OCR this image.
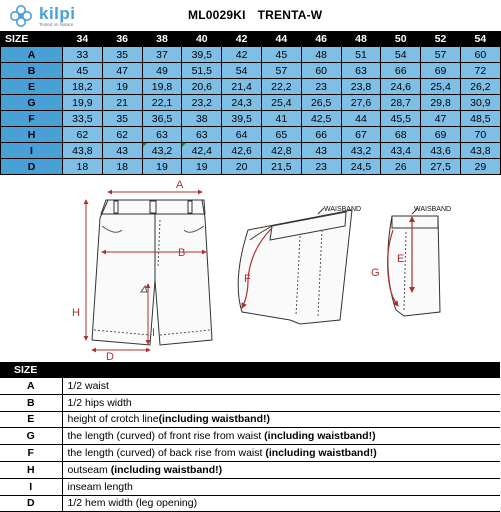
kilpi
Tested on Nature
ML0029KI TRENTA-W
SIZE	34	36	38	40	42	44	46	48	50	52	54
A	33	35	37	39,5	42	45	48	51	54	57	60
B	45	47	49	51,5	54	57	60	63	66	69	72
E	18,2	19	19,8	20,6	21,4	22,2	23	23,8	24,6	25,4	26,2
G	19,9	21	22,1	23,2	24,3	25,4	26,5	27,6	28,7	29,8	30,9
F	33,5	35	36,5	38	39,5	41	42,5	44	45,5	47	48,5
H	62	62	63	63	64	65	66	67	68	69	70
I	43,8	43	43,2	42,4	42,6	42,8	43	43,2	43,4	43,6	43,8
D	18	18	19	19	20	21,5	23	24,5	26	27,5	29
A
B
H
I
D
WAISBAND
F
WAISBAND
E
G
SIZE	
A	1/2 waist
B	1/2 hips width
E	height of crotch line(including waistband!)
G	the length (curved) of front rise from waist (including waistband!)
F	the length (curved) of back rise from waist (including waistband!)
H	outseam (including waistband!)
I	inseam length
D	1/2 hem width (leg opening)
